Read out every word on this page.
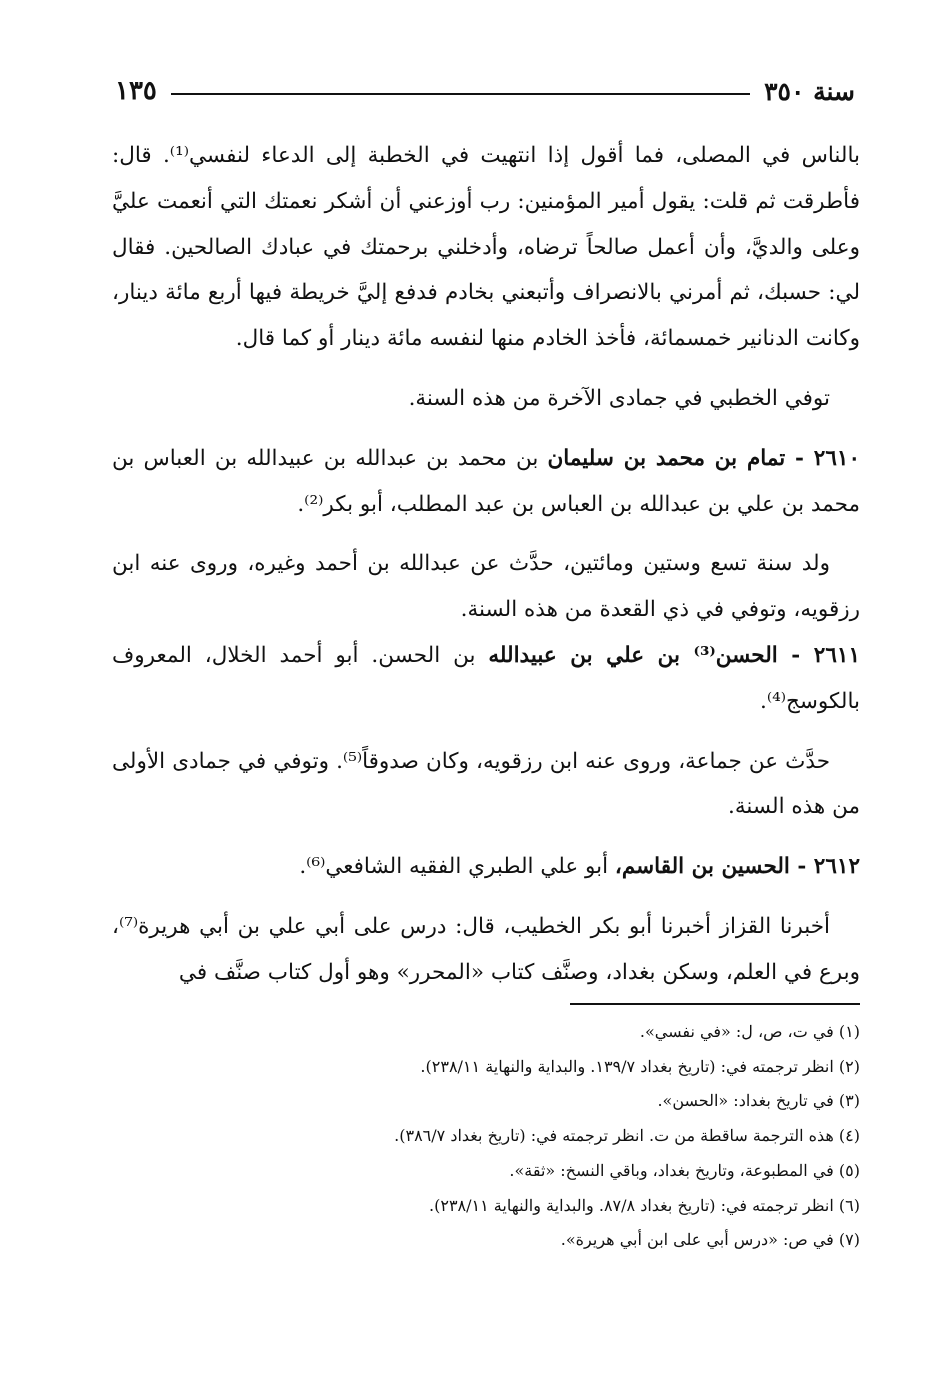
سنة ٣٥٠
١٣٥

بالناس في المصلى، فما أقول إذا انتهيت في الخطبة إلى الدعاء لنفسي⁽¹⁾. قال: فأطرقت ثم قلت: يقول أمير المؤمنين: رب أوزعني أن أشكر نعمتك التي أنعمت عليَّ وعلى والديَّ، وأن أعمل صالحاً ترضاه، وأدخلني برحمتك في عبادك الصالحين. فقال لي: حسبك، ثم أمرني بالانصراف وأتبعني بخادم فدفع إليَّ خريطة فيها أربع مائة دينار، وكانت الدنانير خمسمائة، فأخذ الخادم منها لنفسه مائة دينار أو كما قال.

توفي الخطبي في جمادى الآخرة من هذه السنة.

٢٦١٠ - تمام بن محمد بن سليمان بن محمد بن عبدالله بن عبيدالله بن العباس بن محمد بن علي بن عبدالله بن العباس بن عبد المطلب، أبو بكر⁽²⁾.

ولد سنة تسع وستين ومائتين، حدَّث عن عبدالله بن أحمد وغيره، وروى عنه ابن رزقويه، وتوفي في ذي القعدة من هذه السنة.

٢٦١١ - الحسن⁽³⁾ بن علي بن عبيدالله بن الحسن. أبو أحمد الخلال، المعروف بالكوسج⁽⁴⁾.

حدَّث عن جماعة، وروى عنه ابن رزقويه، وكان صدوقاً⁽⁵⁾. وتوفي في جمادى الأولى من هذه السنة.

٢٦١٢ - الحسين بن القاسم، أبو علي الطبري الفقيه الشافعي⁽⁶⁾.

أخبرنا القزاز أخبرنا أبو بكر الخطيب، قال: درس على أبي علي بن أبي هريرة⁽⁷⁾، وبرع في العلم، وسكن بغداد، وصنَّف كتاب «المحرر» وهو أول كتاب صنَّف في

(١) في ت، ص، ل: «في نفسي».
(٢) انظر ترجمته في: (تاريخ بغداد ١٣٩/٧. والبداية والنهاية ٢٣٨/١١).
(٣) في تاريخ بغداد: «الحسن».
(٤) هذه الترجمة ساقطة من ت. انظر ترجمته في: (تاريخ بغداد ٣٨٦/٧).
(٥) في المطبوعة، وتاريخ بغداد، وباقي النسخ: «ثقة».
(٦) انظر ترجمته في: (تاريخ بغداد ٨٧/٨. والبداية والنهاية ٢٣٨/١١).
(٧) في ص: «درس أبي على ابن أبي هريرة».
